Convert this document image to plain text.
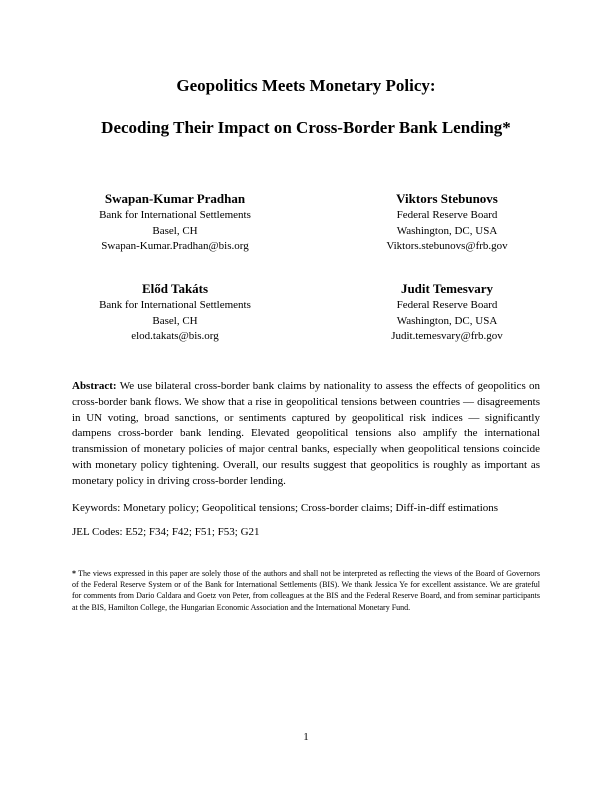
Geopolitics Meets Monetary Policy:
Decoding Their Impact on Cross-Border Bank Lending*
Swapan-Kumar Pradhan
Bank for International Settlements
Basel, CH
Swapan-Kumar.Pradhan@bis.org
Viktors Stebunovs
Federal Reserve Board
Washington, DC, USA
Viktors.stebunovs@frb.gov
Előd Takáts
Bank for International Settlements
Basel, CH
elod.takats@bis.org
Judit Temesvary
Federal Reserve Board
Washington, DC, USA
Judit.temesvary@frb.gov
Abstract: We use bilateral cross-border bank claims by nationality to assess the effects of geopolitics on cross-border bank flows. We show that a rise in geopolitical tensions between countries — disagreements in UN voting, broad sanctions, or sentiments captured by geopolitical risk indices — significantly dampens cross-border bank lending. Elevated geopolitical tensions also amplify the international transmission of monetary policies of major central banks, especially when geopolitical tensions coincide with monetary policy tightening. Overall, our results suggest that geopolitics is roughly as important as monetary policy in driving cross-border lending.
Keywords: Monetary policy; Geopolitical tensions; Cross-border claims; Diff-in-diff estimations
JEL Codes: E52; F34; F42; F51; F53; G21
* The views expressed in this paper are solely those of the authors and shall not be interpreted as reflecting the views of the Board of Governors of the Federal Reserve System or of the Bank for International Settlements (BIS). We thank Jessica Ye for excellent assistance. We are grateful for comments from Dario Caldara and Goetz von Peter, from colleagues at the BIS and the Federal Reserve Board, and from seminar participants at the BIS, Hamilton College, the Hungarian Economic Association and the International Monetary Fund.
1
